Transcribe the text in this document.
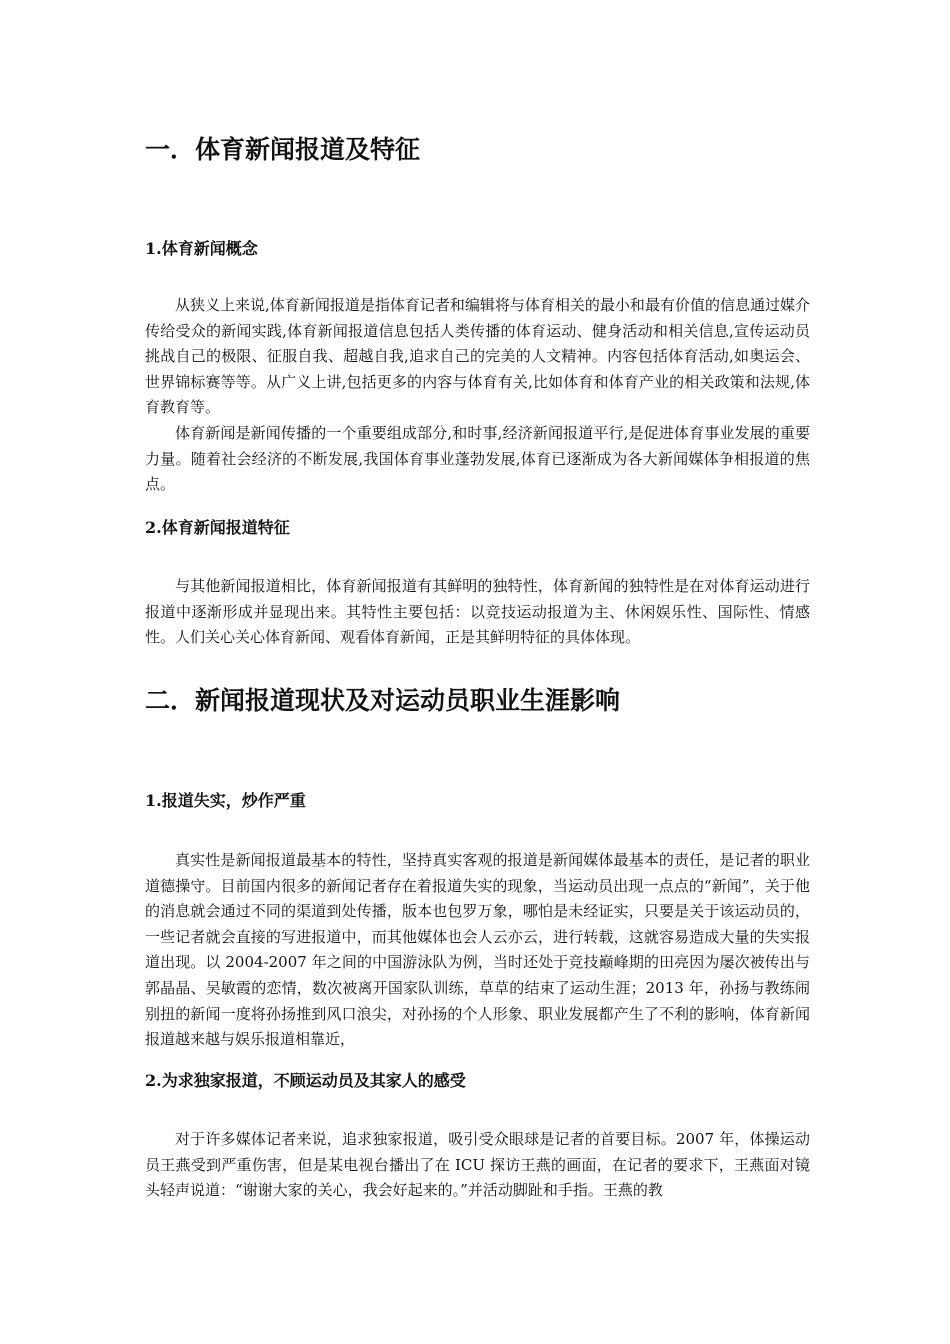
一．体育新闻报道及特征
1.体育新闻概念

从狭义上来说,体育新闻报道是指体育记者和编辑将与体育相关的最小和最有价值的信息通过媒介传给受众的新闻实践,体育新闻报道信息包括人类传播的体育运动、健身活动和相关信息,宣传运动员挑战自己的极限、征服自我、超越自我,追求自己的完美的人文精神。内容包括体育活动,如奥运会、世界锦标赛等等。从广义上讲,包括更多的内容与体育有关,比如体育和体育产业的相关政策和法规,体育教育等。

体育新闻是新闻传播的一个重要组成部分,和时事,经济新闻报道平行,是促进体育事业发展的重要力量。随着社会经济的不断发展,我国体育事业蓬勃发展,体育已逐渐成为各大新闻媒体争相报道的焦点。

2.体育新闻报道特征

与其他新闻报道相比，体育新闻报道有其鲜明的独特性，体育新闻的独特性是在对体育运动进行报道中逐渐形成并显现出来。其特性主要包括：以竞技运动报道为主、休闲娱乐性、国际性、情感性。人们关心关心体育新闻、观看体育新闻，正是其鲜明特征的具体体现。

二．新闻报道现状及对运动员职业生涯影响
1.报道失实，炒作严重

真实性是新闻报道最基本的特性，坚持真实客观的报道是新闻媒体最基本的责任，是记者的职业道德操守。目前国内很多的新闻记者存在着报道失实的现象，当运动员出现一点点的“新闻”，关于他的消息就会通过不同的渠道到处传播，版本也包罗万象，哪怕是未经证实，只要是关于该运动员的，一些记者就会直接的写进报道中，而其他媒体也会人云亦云，进行转载，这就容易造成大量的失实报道出现。以 2004-2007 年之间的中国游泳队为例，当时还处于竞技巅峰期的田亮因为屡次被传出与郭晶晶、吴敏霞的恋情，数次被离开国家队训练，草草的结束了运动生涯；2013 年，孙扬与教练闹别扭的新闻一度将孙扬推到风口浪尖，对孙扬的个人形象、职业发展都产生了不利的影响，体育新闻报道越来越与娱乐报道相靠近，

2.为求独家报道，不顾运动员及其家人的感受

对于许多媒体记者来说，追求独家报道，吸引受众眼球是记者的首要目标。2007 年，体操运动员王燕受到严重伤害，但是某电视台播出了在 ICU 探访王燕的画面，在记者的要求下，王燕面对镜头轻声说道：“谢谢大家的关心，我会好起来的。”并活动脚趾和手指。王燕的教
